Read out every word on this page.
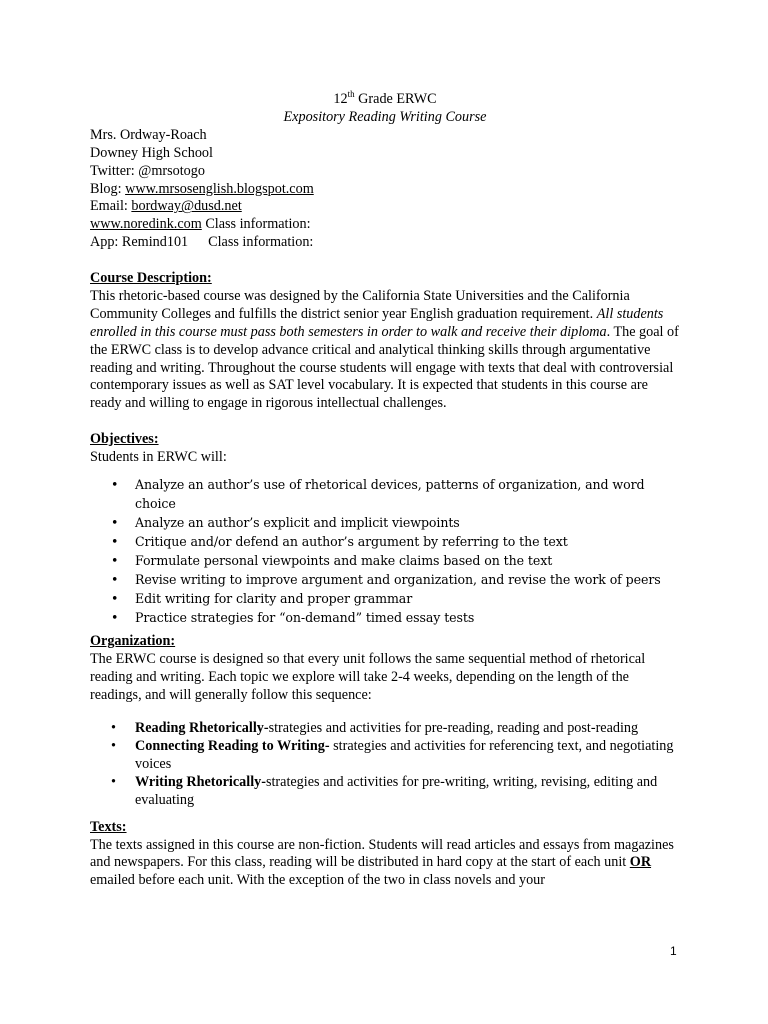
12th Grade ERWC
Expository Reading Writing Course
Mrs. Ordway-Roach
Downey High School
Twitter: @mrsotogo
Blog: www.mrsosenglish.blogspot.com
Email: bordway@dusd.net
www.noredink.com Class information:
App: Remind101 Class information:
Course Description:

This rhetoric-based course was designed by the California State Universities and the California Community Colleges and fulfills the district senior year English graduation requirement. All students enrolled in this course must pass both semesters in order to walk and receive their diploma. The goal of the ERWC class is to develop advance critical and analytical thinking skills through argumentative reading and writing. Throughout the course students will engage with texts that deal with controversial contemporary issues as well as SAT level vocabulary. It is expected that students in this course are ready and willing to engage in rigorous intellectual challenges.

Objectives:
Students in ERWC will:
• Analyze an author’s use of rhetorical devices, patterns of organization, and word choice
• Analyze an author’s explicit and implicit viewpoints
• Critique and/or defend an author’s argument by referring to the text
• Formulate personal viewpoints and make claims based on the text
• Revise writing to improve argument and organization, and revise the work of peers
• Edit writing for clarity and proper grammar
• Practice strategies for “on-demand” timed essay tests
Organization:

The ERWC course is designed so that every unit follows the same sequential method of rhetorical reading and writing. Each topic we explore will take 2-4 weeks, depending on the length of the readings, and will generally follow this sequence:

• Reading Rhetorically-strategies and activities for pre-reading, reading and post-reading
• Connecting Reading to Writing- strategies and activities for referencing text, and negotiating voices
• Writing Rhetorically-strategies and activities for pre-writing, writing, revising, editing and evaluating
Texts:

The texts assigned in this course are non-fiction. Students will read articles and essays from magazines and newspapers. For this class, reading will be distributed in hard copy at the start of each unit OR emailed before each unit. With the exception of the two in class novels and your

1
